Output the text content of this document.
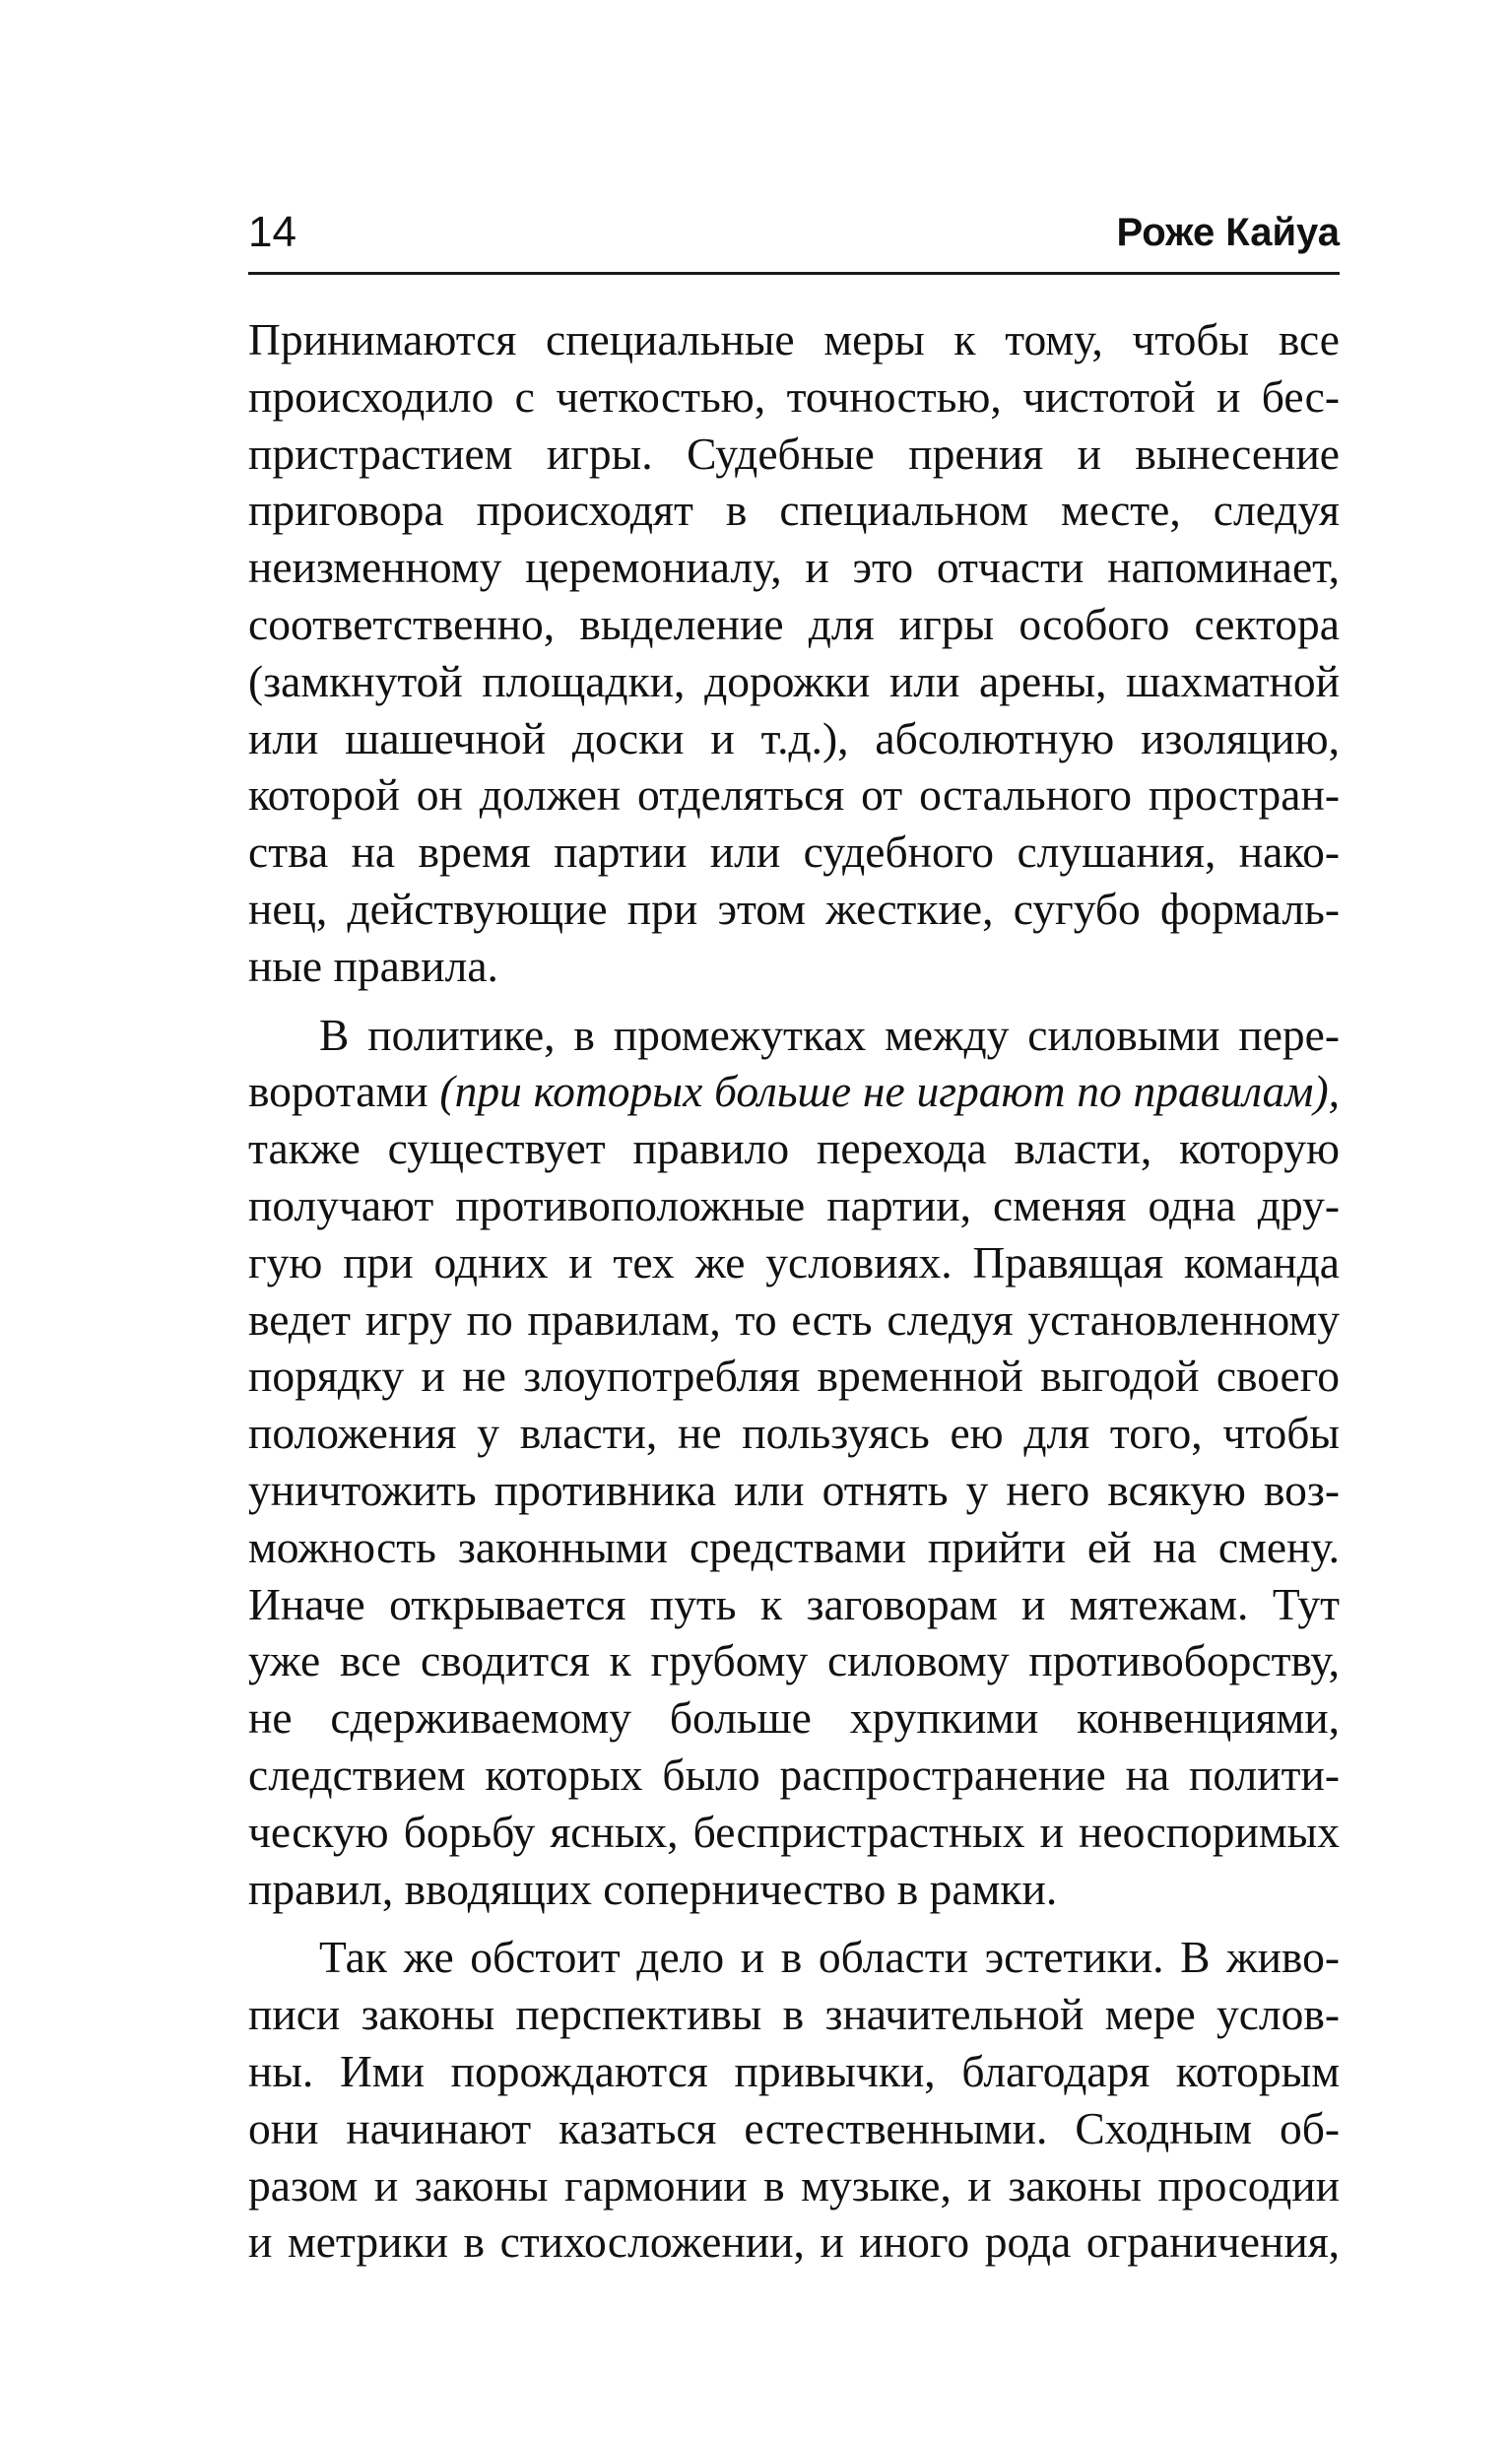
14	Роже Кайуа
Принимаются специальные меры к тому, чтобы все
происходило с четкостью, точностью, чистотой и бес-
пристрастием игры. Судебные прения и вынесение
приговора происходят в специальном месте, следуя
неизменному церемониалу, и это отчасти напоминает,
соответственно, выделение для игры особого сектора
(замкнутой площадки, дорожки или арены, шахматной
или шашечной доски и т.д.), абсолютную изоляцию,
которой он должен отделяться от остального простран-
ства на время партии или судебного слушания, нако-
нец, действующие при этом жесткие, сугубо формаль-
ные правила.
В политике, в промежутках между силовыми пере-
воротами (при которых больше не играют по правилам),
также существует правило перехода власти, которую
получают противоположные партии, сменяя одна дру-
гую при одних и тех же условиях. Правящая команда
ведет игру по правилам, то есть следуя установленному
порядку и не злоупотребляя временной выгодой своего
положения у власти, не пользуясь ею для того, чтобы
уничтожить противника или отнять у него всякую воз-
можность законными средствами прийти ей на смену.
Иначе открывается путь к заговорам и мятежам. Тут
уже все сводится к грубому силовому противоборству,
не сдерживаемому больше хрупкими конвенциями,
следствием которых было распространение на полити-
ческую борьбу ясных, беспристрастных и неоспоримых
правил, вводящих соперничество в рамки.
Так же обстоит дело и в области эстетики. В живо-
писи законы перспективы в значительной мере услов-
ны. Ими порождаются привычки, благодаря которым
они начинают казаться естественными. Сходным об-
разом и законы гармонии в музыке, и законы просодии
и метрики в стихосложении, и иного рода ограничения,
